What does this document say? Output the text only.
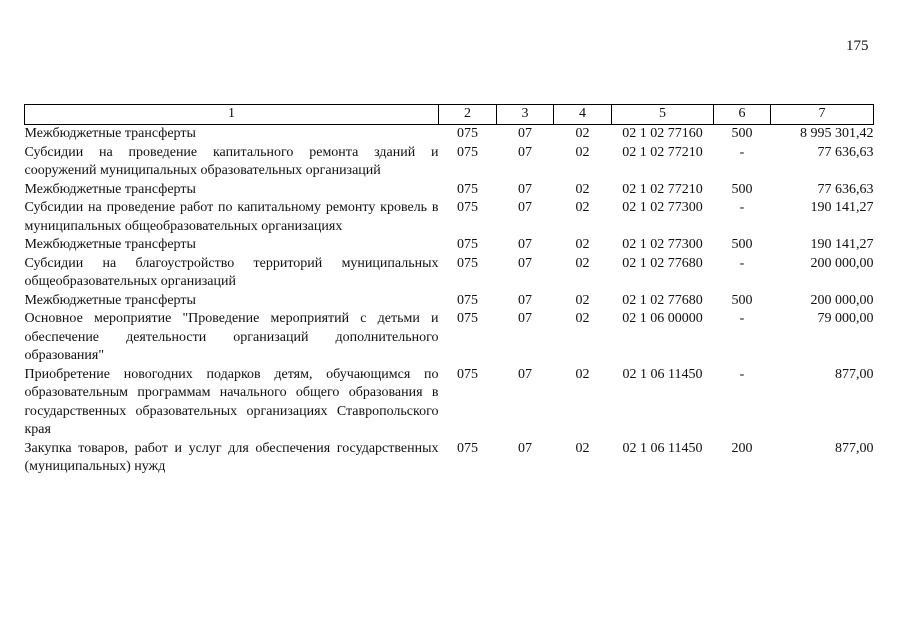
175
1	2	3	4	5	6	7
Межбюджетные трансферты	075	07	02	02 1 02 77160	500	8 995 301,42
Субсидии на проведение капитального ремонта зданий и сооружений муниципальных образовательных организаций	075	07	02	02 1 02 77210	-	77 636,63
Межбюджетные трансферты	075	07	02	02 1 02 77210	500	77 636,63
Субсидии на проведение работ по капитальному ремонту кровель в муниципальных общеобразовательных организациях	075	07	02	02 1 02 77300	-	190 141,27
Межбюджетные трансферты	075	07	02	02 1 02 77300	500	190 141,27
Субсидии на благоустройство территорий муниципальных общеобразовательных организаций	075	07	02	02 1 02 77680	-	200 000,00
Межбюджетные трансферты	075	07	02	02 1 02 77680	500	200 000,00
Основное мероприятие "Проведение мероприятий с детьми и обеспечение деятельности организаций дополнительного образования"	075	07	02	02 1 06 00000	-	79 000,00
Приобретение новогодних подарков детям, обучающимся по образовательным программам начального общего образования в государственных образовательных организациях Ставропольского края	075	07	02	02 1 06 11450	-	877,00
Закупка товаров, работ и услуг для обеспечения государственных (муниципальных) нужд	075	07	02	02 1 06 11450	200	877,00
